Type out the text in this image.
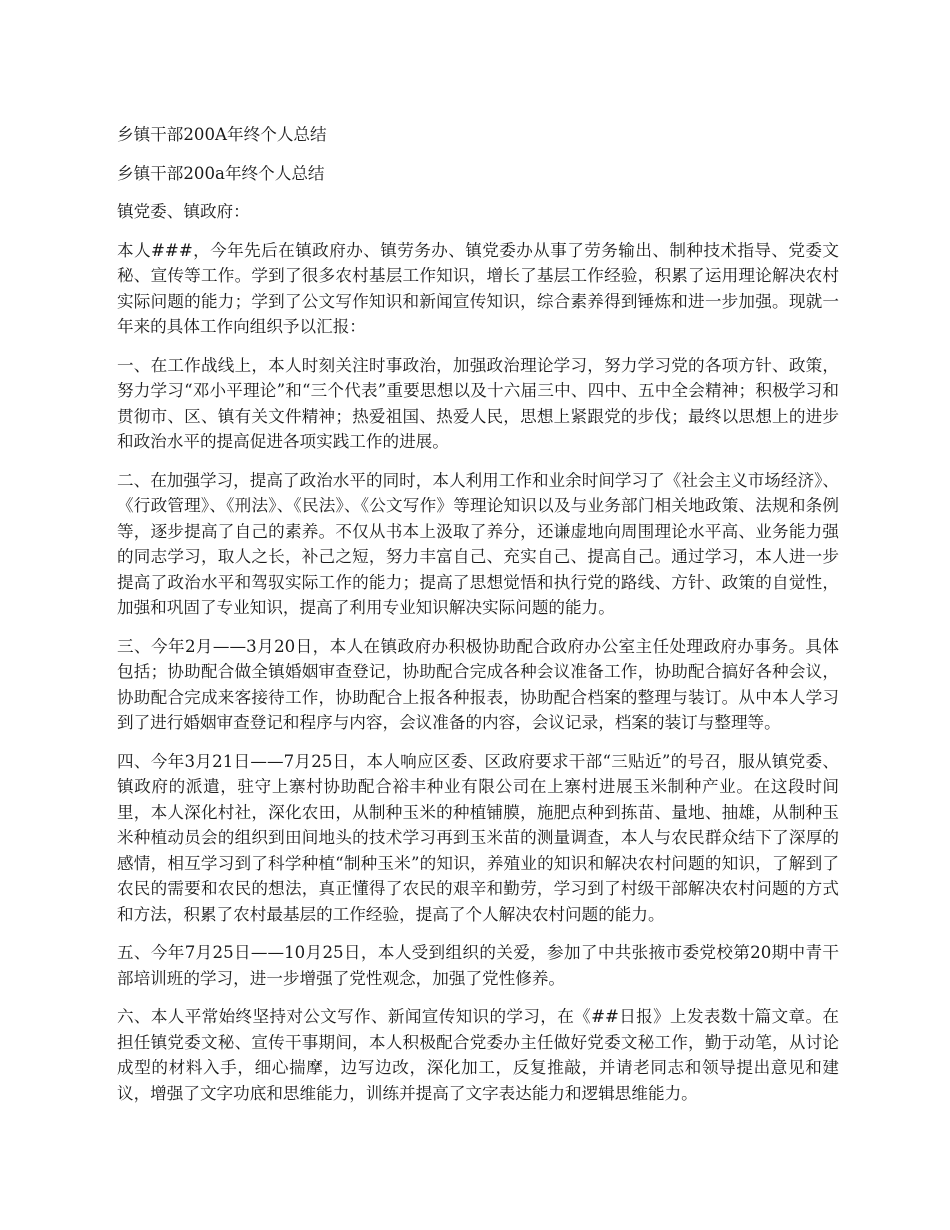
乡镇干部200A年终个人总结

乡镇干部200a年终个人总结

镇党委、镇政府：

本人###，今年先后在镇政府办、镇劳务办、镇党委办从事了劳务输出、制种技术指导、党委文秘、宣传等工作。学到了很多农村基层工作知识，增长了基层工作经验，积累了运用理论解决农村实际问题的能力；学到了公文写作知识和新闻宣传知识，综合素养得到锤炼和进一步加强。现就一年来的具体工作向组织予以汇报：

一、在工作战线上，本人时刻关注时事政治，加强政治理论学习，努力学习党的各项方针、政策，努力学习“邓小平理论”和“三个代表”重要思想以及十六届三中、四中、五中全会精神；积极学习和贯彻市、区、镇有关文件精神；热爱祖国、热爱人民，思想上紧跟党的步伐；最终以思想上的进步和政治水平的提高促进各项实践工作的进展。

二、在加强学习，提高了政治水平的同时，本人利用工作和业余时间学习了《社会主义市场经济》、《行政管理》、《刑法》、《民法》、《公文写作》等理论知识以及与业务部门相关地政策、法规和条例等，逐步提高了自己的素养。不仅从书本上汲取了养分，还谦虚地向周围理论水平高、业务能力强的同志学习，取人之长，补己之短，努力丰富自己、充实自己、提高自己。通过学习，本人进一步提高了政治水平和驾驭实际工作的能力；提高了思想觉悟和执行党的路线、方针、政策的自觉性，加强和巩固了专业知识，提高了利用专业知识解决实际问题的能力。

三、今年2月——3月20日，本人在镇政府办积极协助配合政府办公室主任处理政府办事务。具体包括；协助配合做全镇婚姻审查登记，协助配合完成各种会议准备工作，协助配合搞好各种会议，协助配合完成来客接待工作，协助配合上报各种报表，协助配合档案的整理与装订。从中本人学习到了进行婚姻审查登记和程序与内容，会议准备的内容，会议记录，档案的装订与整理等。

四、今年3月21日——7月25日，本人响应区委、区政府要求干部“三贴近”的号召，服从镇党委、镇政府的派遣，驻守上寨村协助配合裕丰种业有限公司在上寨村进展玉米制种产业。在这段时间里，本人深化村社，深化农田，从制种玉米的种植铺膜，施肥点种到拣苗、量地、抽雄，从制种玉米种植动员会的组织到田间地头的技术学习再到玉米苗的测量调查，本人与农民群众结下了深厚的感情，相互学习到了科学种植“制种玉米”的知识，养殖业的知识和解决农村问题的知识，了解到了农民的需要和农民的想法，真正懂得了农民的艰辛和勤劳，学习到了村级干部解决农村问题的方式和方法，积累了农村最基层的工作经验，提高了个人解决农村问题的能力。

五、今年7月25日——10月25日，本人受到组织的关爱，参加了中共张掖市委党校第20期中青干部培训班的学习，进一步增强了党性观念，加强了党性修养。

六、本人平常始终坚持对公文写作、新闻宣传知识的学习，在《##日报》上发表数十篇文章。在担任镇党委文秘、宣传干事期间，本人积极配合党委办主任做好党委文秘工作，勤于动笔，从讨论成型的材料入手，细心揣摩，边写边改，深化加工，反复推敲，并请老同志和领导提出意见和建议，增强了文字功底和思维能力，训练并提高了文字表达能力和逻辑思维能力。
